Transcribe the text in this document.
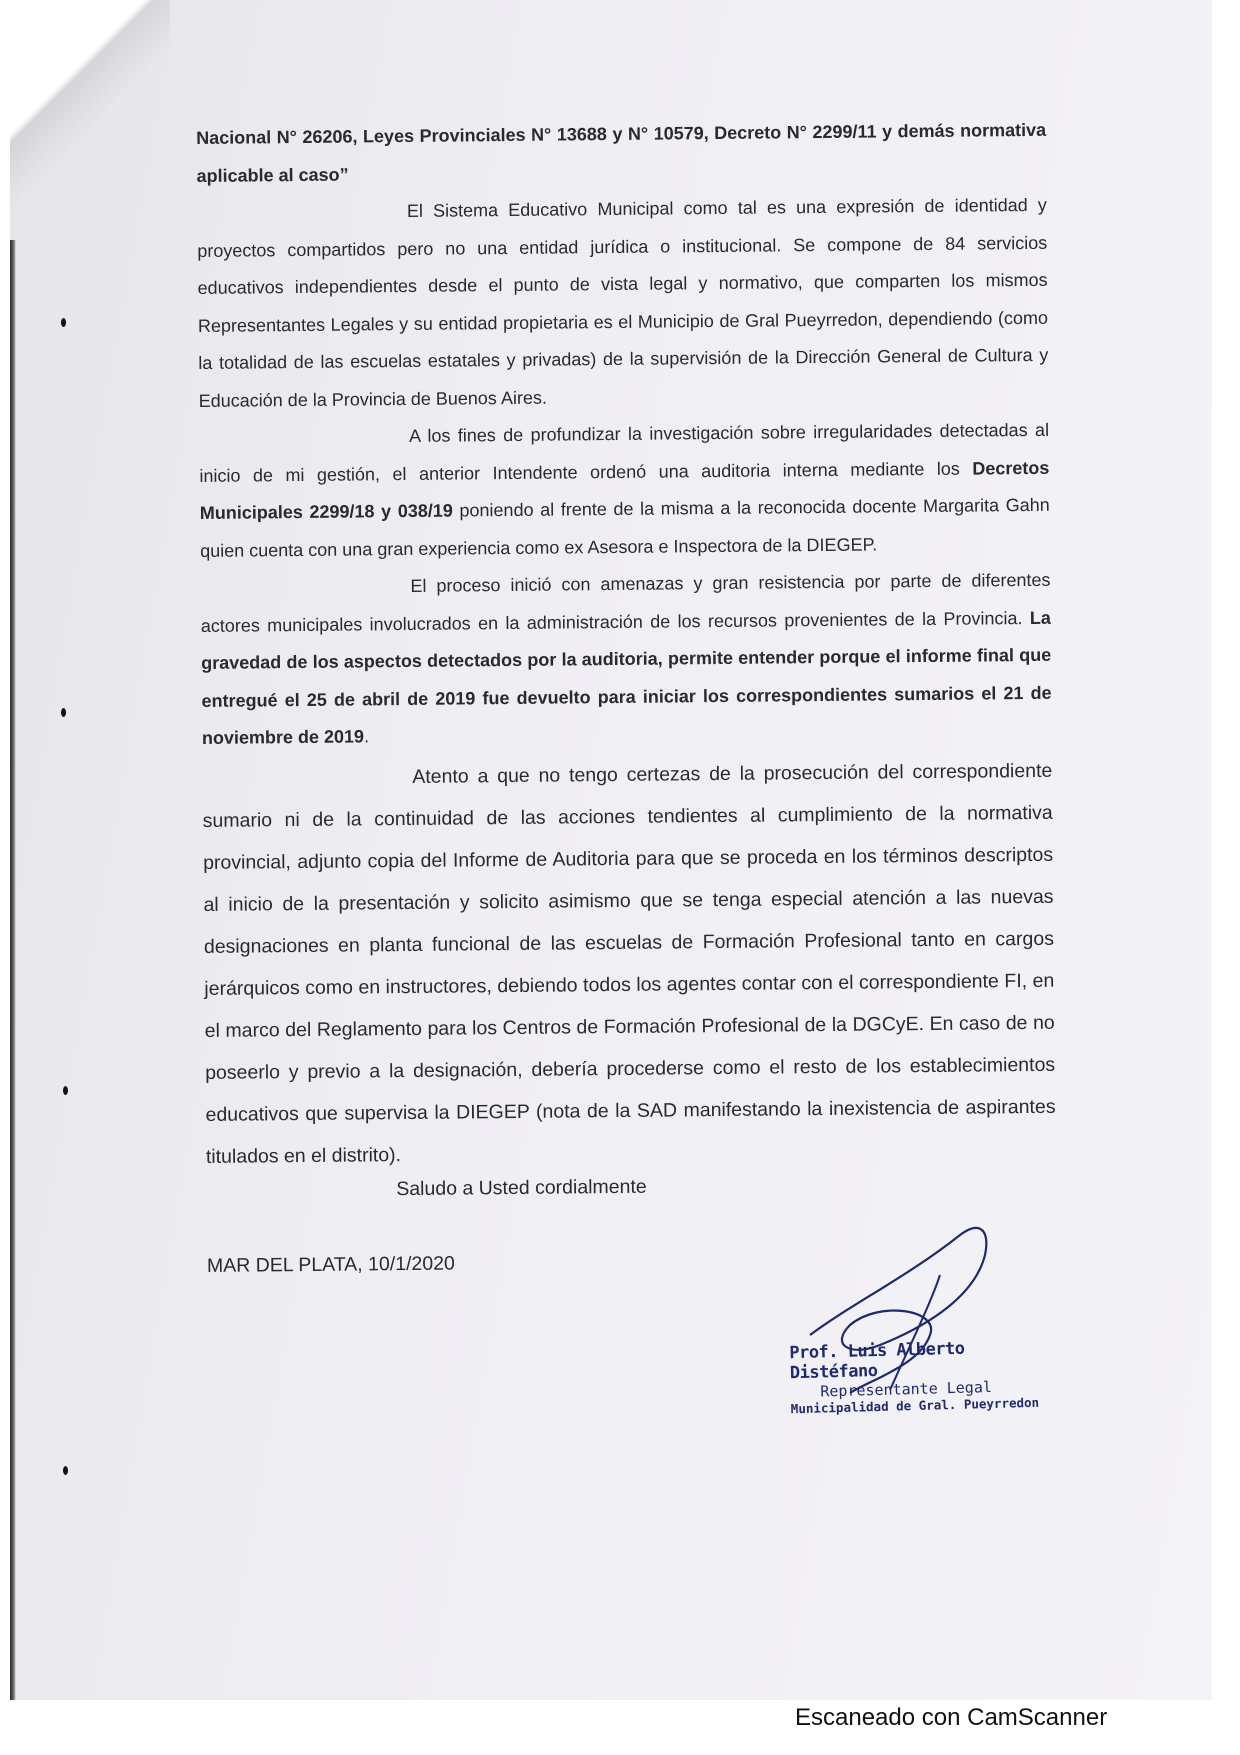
Nacional N° 26206, Leyes Provinciales N° 13688 y N° 10579, Decreto N° 2299/11 y demás normativa aplicable al caso”

El Sistema Educativo Municipal como tal es una expresión de identidad y proyectos compartidos pero no una entidad jurídica o institucional. Se compone de 84 servicios educativos independientes desde el punto de vista legal y normativo, que comparten los mismos Representantes Legales y su entidad propietaria es el Municipio de Gral Pueyrredon, dependiendo (como la totalidad de las escuelas estatales y privadas) de la supervisión de la Dirección General de Cultura y Educación de la Provincia de Buenos Aires.

A los fines de profundizar la investigación sobre irregularidades detectadas al inicio de mi gestión, el anterior Intendente ordenó una auditoria interna mediante los Decretos Municipales 2299/18 y 038/19 poniendo al frente de la misma a la reconocida docente Margarita Gahn quien cuenta con una gran experiencia como ex Asesora e Inspectora de la DIEGEP.

El proceso inició con amenazas y gran resistencia por parte de diferentes actores municipales involucrados en la administración de los recursos provenientes de la Provincia. La gravedad de los aspectos detectados por la auditoria, permite entender porque el informe final que entregué el 25 de abril de 2019 fue devuelto para iniciar los correspondientes sumarios el 21 de noviembre de 2019.

Atento a que no tengo certezas de la prosecución del correspondiente sumario ni de la continuidad de las acciones tendientes al cumplimiento de la normativa provincial, adjunto copia del Informe de Auditoria para que se proceda en los términos descriptos al inicio de la presentación y solicito asimismo que se tenga especial atención a las nuevas designaciones en planta funcional de las escuelas de Formación Profesional tanto en cargos jerárquicos como en instructores, debiendo todos los agentes contar con el correspondiente FI, en el marco del Reglamento para los Centros de Formación Profesional de la DGCyE. En caso de no poseerlo y previo a la designación, debería procederse como el resto de los establecimientos educativos que supervisa la DIEGEP (nota de la SAD manifestando la inexistencia de aspirantes titulados en el distrito).

Saludo a Usted cordialmente

MAR DEL PLATA, 10/1/2020

Prof. Luis Alberto Distéfano
Representante Legal
Municipalidad de Gral. Pueyrredon
Escaneado con CamScanner
